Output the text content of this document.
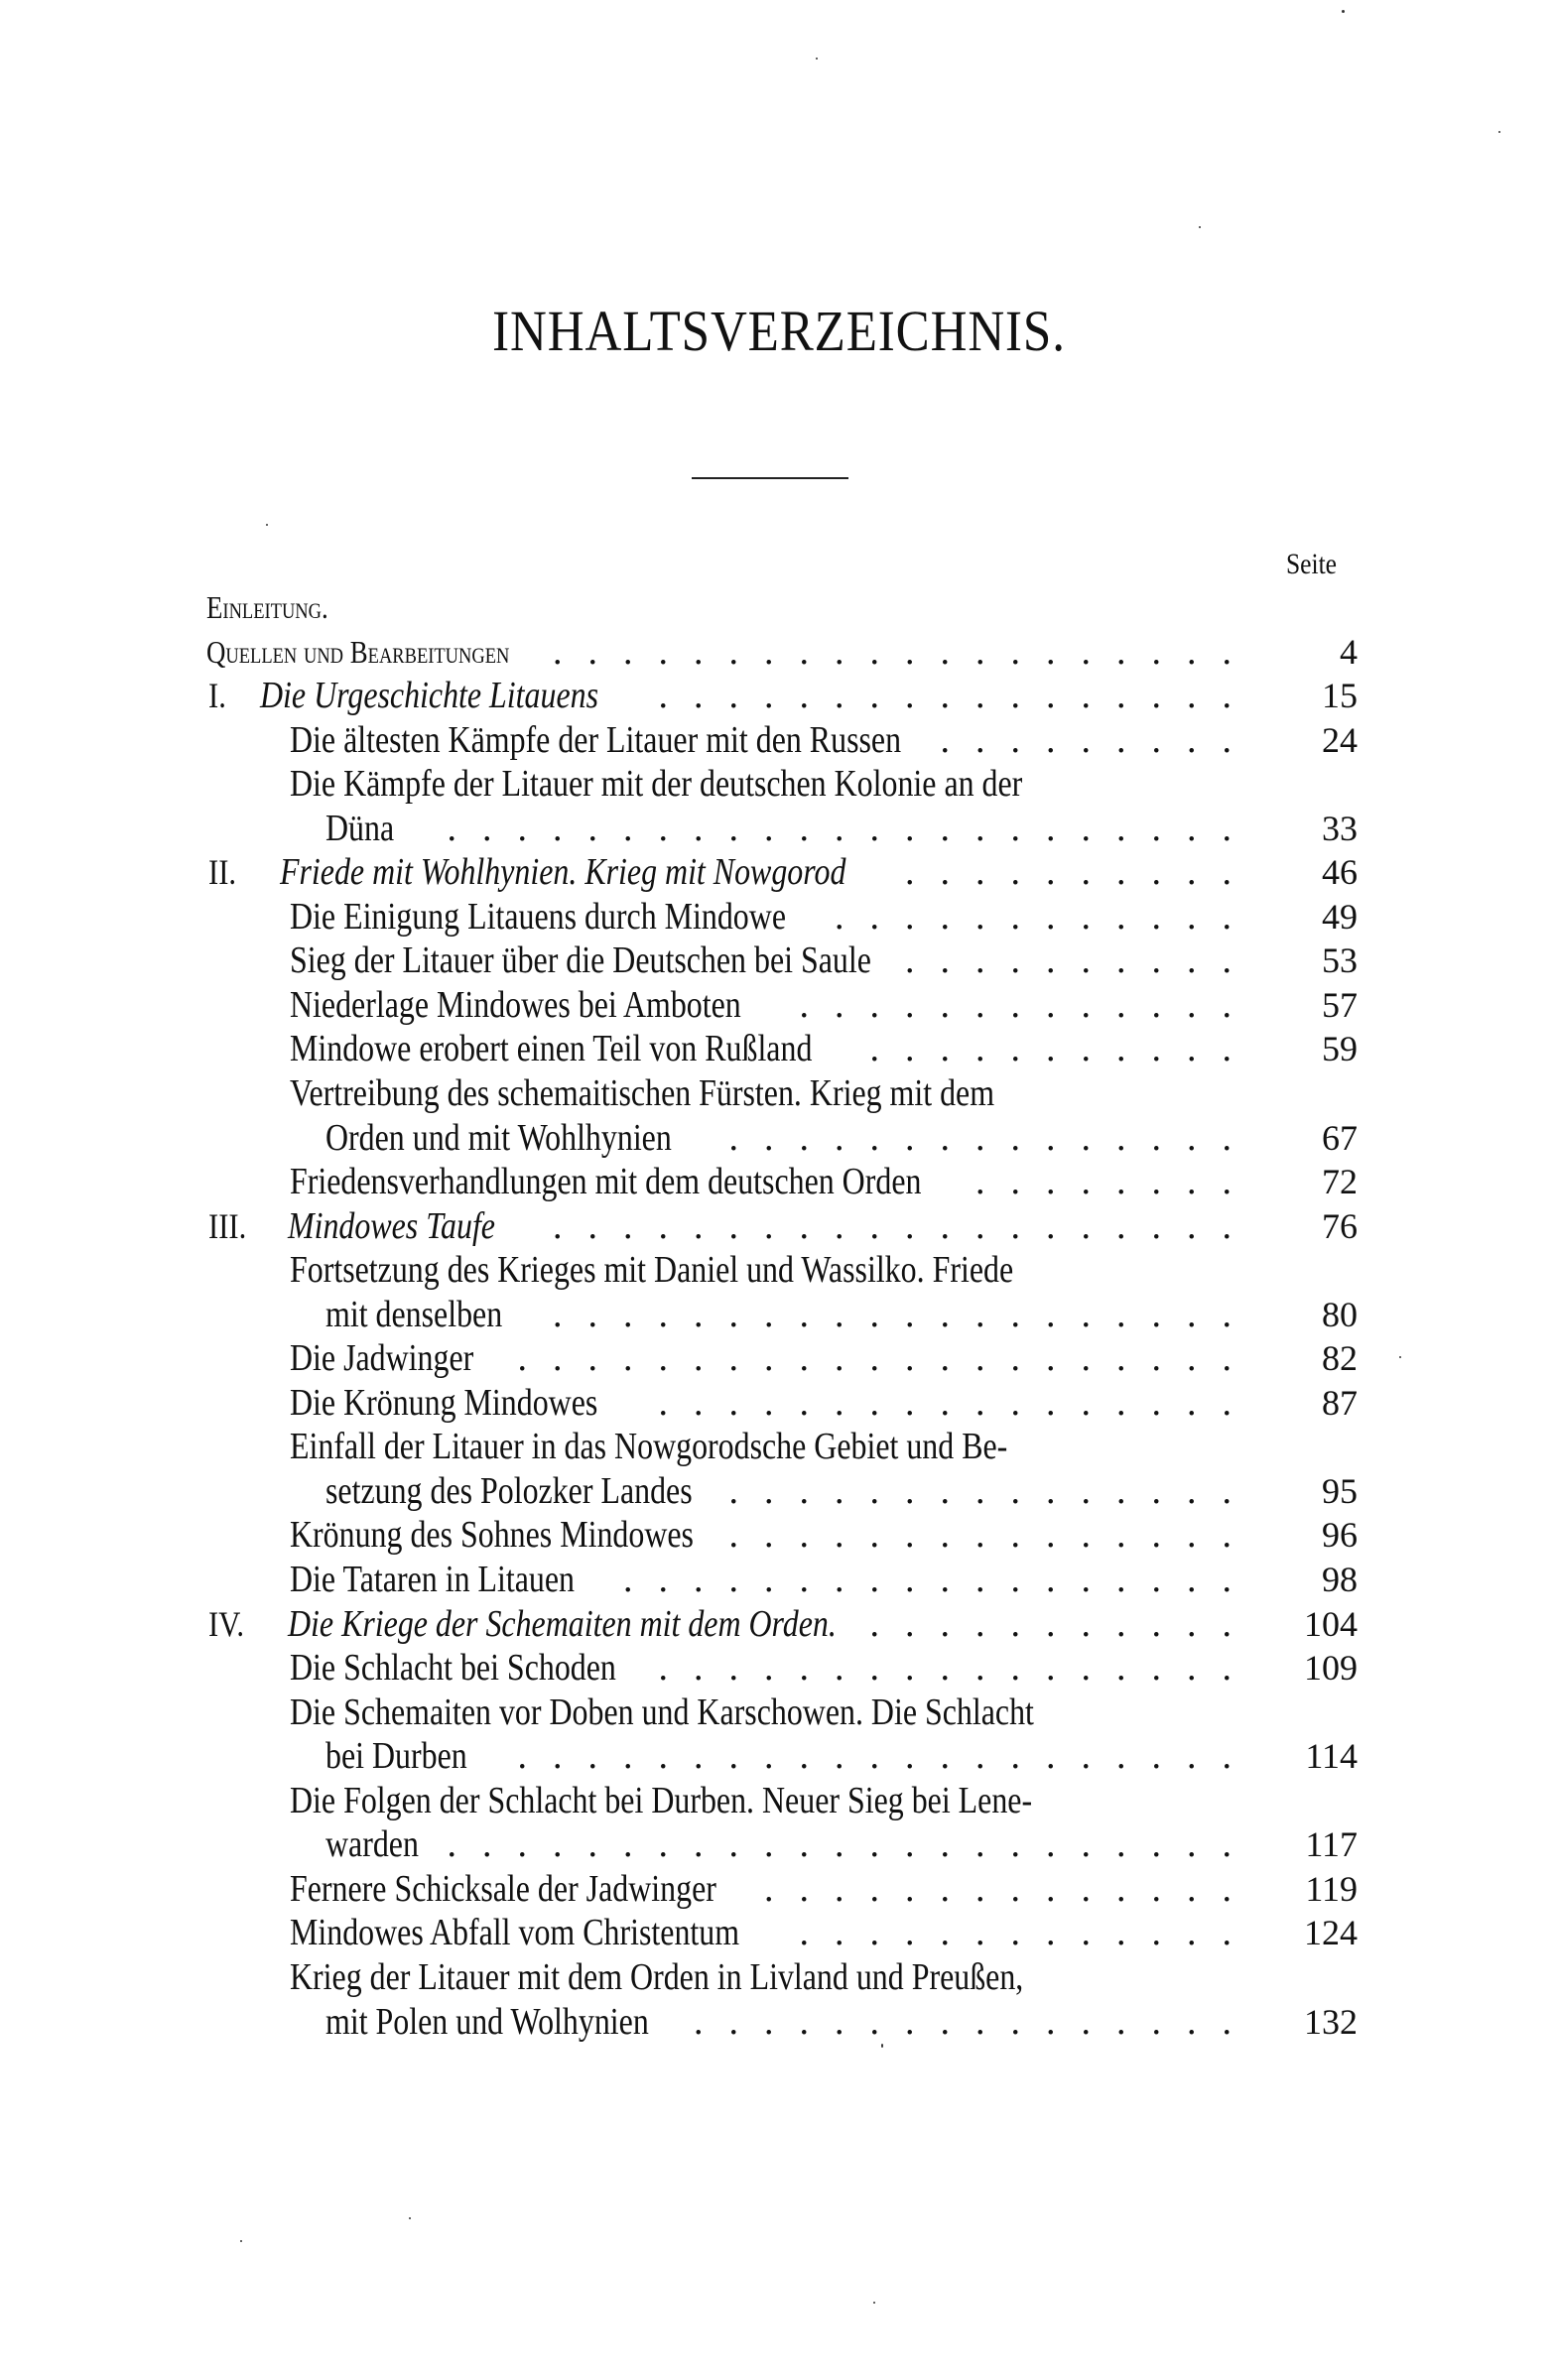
INHALTSVERZEICHNIS.
Seite
Einleitung.
Quellen und Bearbeitungen . . . . . . . . . . . . . . . . . . . .	4
I. Die Urgeschichte Litauens . . . . . . . . . . . . . . . . .	15
Die ältesten Kämpfe der Litauer mit den Russen . . . . . . . . .	24
Die Kämpfe der Litauer mit der deutschen Kolonie an der
Düna . . . . . . . . . . . . . . . . . . . . . . .	33
II. Friede mit Wohlhynien. Krieg mit Nowgorod . . . . . . . . . .	46
Die Einigung Litauens durch Mindowe . . . . . . . . . . . .	49
Sieg der Litauer über die Deutschen bei Saule . . . . . . . . . .	53
Niederlage Mindowes bei Amboten . . . . . . . . . . . . .	57
Mindowe erobert einen Teil von Rußland . . . . . . . . . . .	59
Vertreibung des schemaitischen Fürsten. Krieg mit dem
Orden und mit Wohlhynien . . . . . . . . . . . . . . .	67
Friedensverhandlungen mit dem deutschen Orden . . . . . . . .	72
III. Mindowes Taufe . . . . . . . . . . . . . . . . . . . .	76
Fortsetzung des Krieges mit Daniel und Wassilko. Friede
mit denselben . . . . . . . . . . . . . . . . . . . .	80
Die Jadwinger . . . . . . . . . . . . . . . . . . . . .	82
Die Krönung Mindowes . . . . . . . . . . . . . . . . .	87
Einfall der Litauer in das Nowgorodsche Gebiet und Be-
setzung des Polozker Landes . . . . . . . . . . . . . . .	95
Krönung des Sohnes Mindowes . . . . . . . . . . . . . . .	96
Die Tataren in Litauen . . . . . . . . . . . . . . . . . .	98
IV. Die Kriege der Schemaiten mit dem Orden. . . . . . . . . . . .	104
Die Schlacht bei Schoden . . . . . . . . . . . . . . . . .	109
Die Schemaiten vor Doben und Karschowen. Die Schlacht
bei Durben . . . . . . . . . . . . . . . . . . . . .	114
Die Folgen der Schlacht bei Durben. Neuer Sieg bei Lene-
warden . . . . . . . . . . . . . . . . . . . . . . .	117
Fernere Schicksale der Jadwinger . . . . . . . . . . . . . .	119
Mindowes Abfall vom Christentum . . . . . . . . . . . . .	124
Krieg der Litauer mit dem Orden in Livland und Preußen,
mit Polen und Wolhynien . . . . . . . . . . . . . . . .	132
